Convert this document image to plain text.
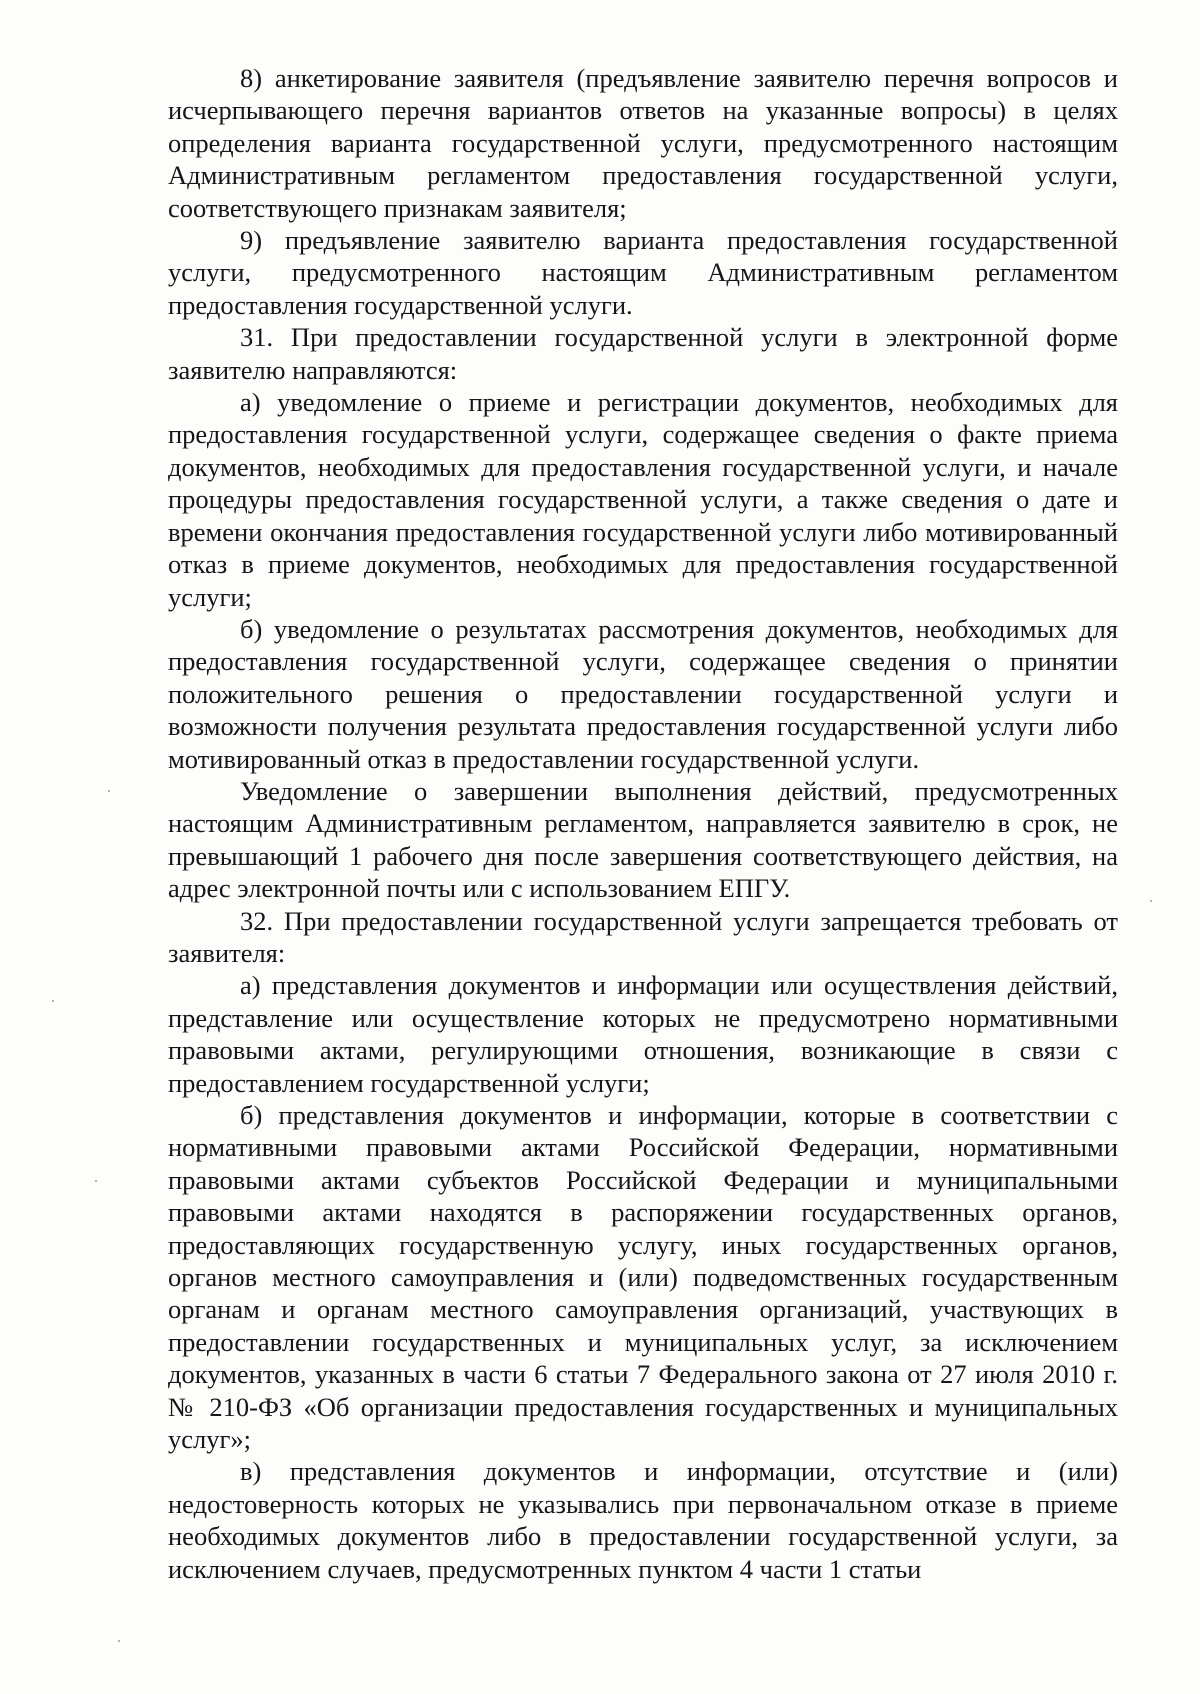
8) анкетирование заявителя (предъявление заявителю перечня вопросов и исчерпывающего перечня вариантов ответов на указанные вопросы) в целях определения варианта государственной услуги, предусмотренного настоящим Административным регламентом предоставления государственной услуги, соответствующего признакам заявителя;

9) предъявление заявителю варианта предоставления государственной услуги, предусмотренного настоящим Административным регламентом предоставления государственной услуги.

31. При предоставлении государственной услуги в электронной форме заявителю направляются:

а) уведомление о приеме и регистрации документов, необходимых для предоставления государственной услуги, содержащее сведения о факте приема документов, необходимых для предоставления государственной услуги, и начале процедуры предоставления государственной услуги, а также сведения о дате и времени окончания предоставления государственной услуги либо мотивированный отказ в приеме документов, необходимых для предоставления государственной услуги;

б) уведомление о результатах рассмотрения документов, необходимых для предоставления государственной услуги, содержащее сведения о принятии положительного решения о предоставлении государственной услуги и возможности получения результата предоставления государственной услуги либо мотивированный отказ в предоставлении государственной услуги.

Уведомление о завершении выполнения действий, предусмотренных настоящим Административным регламентом, направляется заявителю в срок, не превышающий 1 рабочего дня после завершения соответствующего действия, на адрес электронной почты или с использованием ЕПГУ.

32. При предоставлении государственной услуги запрещается требовать от заявителя:

а) представления документов и информации или осуществления действий, представление или осуществление которых не предусмотрено нормативными правовыми актами, регулирующими отношения, возникающие в связи с предоставлением государственной услуги;

б) представления документов и информации, которые в соответствии с нормативными правовыми актами Российской Федерации, нормативными правовыми актами субъектов Российской Федерации и муниципальными правовыми актами находятся в распоряжении государственных органов, предоставляющих государственную услугу, иных государственных органов, органов местного самоуправления и (или) подведомственных государственным органам и органам местного самоуправления организаций, участвующих в предоставлении государственных и муниципальных услуг, за исключением документов, указанных в части 6 статьи 7 Федерального закона от 27 июля 2010 г. № 210-ФЗ «Об организации предоставления государственных и муниципальных услуг»;

в) представления документов и информации, отсутствие и (или) недостоверность которых не указывались при первоначальном отказе в приеме необходимых документов либо в предоставлении государственной услуги, за исключением случаев, предусмотренных пунктом 4 части 1 статьи
